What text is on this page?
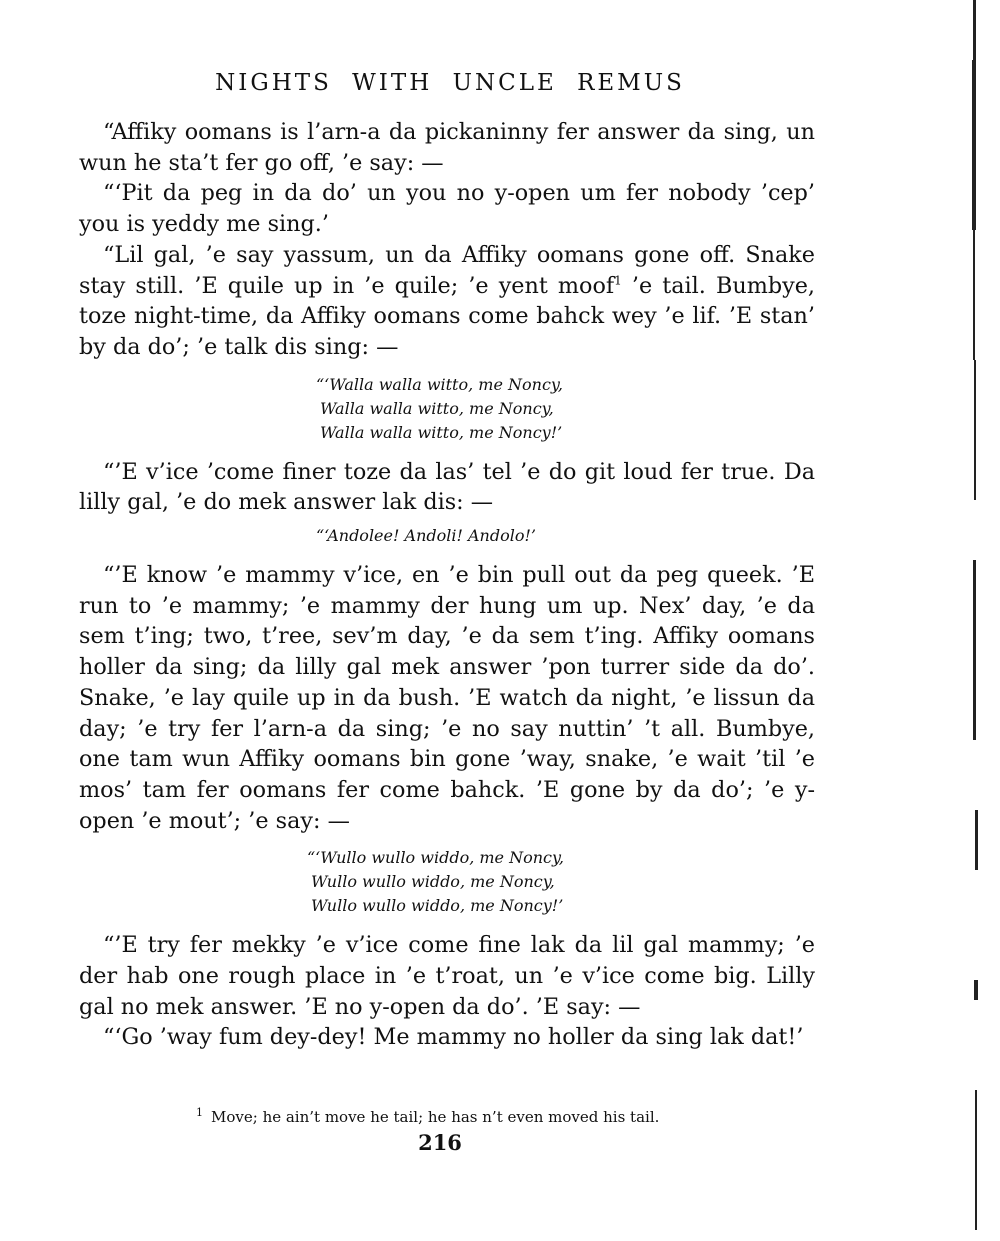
NIGHTS WITH UNCLE REMUS

“Affiky oomans is l’arn-a da pickaninny fer answer da sing, un wun he sta’t fer go off, ’e say: —

“‘Pit da peg in da do’ un you no y-open um fer nobody ’cep’ you is yeddy me sing.’

“Lil gal, ’e say yassum, un da Affiky oomans gone off. Snake stay still. ’E quile up in ’e quile; ’e yent moof$^1$ ’e tail. Bumbye, toze night-time, da Affiky oomans come bahck wey ’e lif. ’E stan’ by da do’; ’e talk dis sing: —

“‘Walla walla witto, me Noncy,
Walla walla witto, me Noncy,
Walla walla witto, me Noncy!’

“’E v’ice ’come finer toze da las’ tel ’e do git loud fer true. Da lilly gal, ’e do mek answer lak dis: —

“‘Andolee! Andoli! Andolo!’

“’E know ’e mammy v’ice, en ’e bin pull out da peg queek. ’E run to ’e mammy; ’e mammy der hung um up. Nex’ day, ’e da sem t’ing; two, t’ree, sev’m day, ’e da sem t’ing. Affiky oomans holler da sing; da lilly gal mek answer ’pon turrer side da do’. Snake, ’e lay quile up in da bush. ’E watch da night, ’e lissun da day; ’e try fer l’arn-a da sing; ’e no say nuttin’ ’t all. Bumbye, one tam wun Affiky oomans bin gone ’way, snake, ’e wait ’til ’e mos’ tam fer oomans fer come bahck. ’E gone by da do’; ’e y-open ’e mout’; ’e say: —

“‘Wullo wullo widdo, me Noncy,
Wullo wullo widdo, me Noncy,
Wullo wullo widdo, me Noncy!’

“’E try fer mekky ’e v’ice come fine lak da lil gal mammy; ’e der hab one rough place in ’e t’roat, un ’e v’ice come big. Lilly gal no mek answer. ’E no y-open da do’. ’E say: —

“‘Go ’way fum dey-dey! Me mammy no holler da sing lak dat!’

$^1$ Move; he ain’t move he tail; he has n’t even moved his tail.
216
